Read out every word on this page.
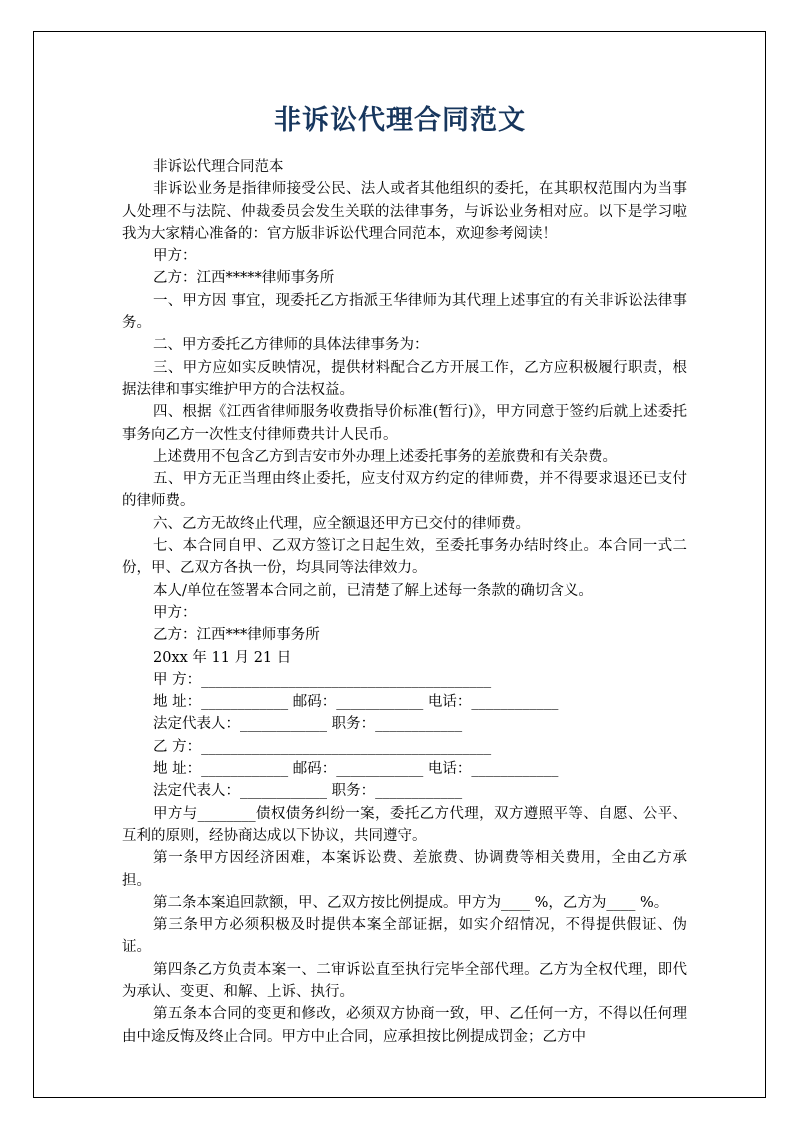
非诉讼代理合同范文

非诉讼代理合同范本

非诉讼业务是指律师接受公民、法人或者其他组织的委托，在其职权范围内为当事人处理不与法院、仲裁委员会发生关联的法律事务，与诉讼业务相对应。以下是学习啦我为大家精心准备的：官方版非诉讼代理合同范本，欢迎参考阅读！

甲方：

乙方：江西*****律师事务所

一、甲方因 事宜，现委托乙方指派王华律师为其代理上述事宜的有关非诉讼法律事务。

二、甲方委托乙方律师的具体法律事务为：

三、甲方应如实反映情况，提供材料配合乙方开展工作，乙方应积极履行职责，根据法律和事实维护甲方的合法权益。

四、根据《江西省律师服务收费指导价标准(暂行)》，甲方同意于签约后就上述委托事务向乙方一次性支付律师费共计人民币。

上述费用不包含乙方到吉安市外办理上述委托事务的差旅费和有关杂费。

五、甲方无正当理由终止委托，应支付双方约定的律师费，并不得要求退还已支付的律师费。

六、乙方无故终止代理，应全额退还甲方已交付的律师费。

七、本合同自甲、乙双方签订之日起生效，至委托事务办结时终止。本合同一式二份，甲、乙双方各执一份，均具同等法律效力。

本人/单位在签署本合同之前，已清楚了解上述每一条款的确切含义。

甲方：

乙方：江西***律师事务所

20xx 年 11 月 21 日

甲 方：________________________________________

地 址：____________ 邮码：____________ 电话：____________

法定代表人：____________ 职务：____________

乙 方：________________________________________

地 址：____________ 邮码：____________ 电话：____________

法定代表人：____________ 职务：____________

甲方与________债权债务纠纷一案，委托乙方代理，双方遵照平等、自愿、公平、互利的原则，经协商达成以下协议，共同遵守。

第一条甲方因经济困难，本案诉讼费、差旅费、协调费等相关费用，全由乙方承担。

第二条本案追回款额，甲、乙双方按比例提成。甲方为____ %，乙方为____ %。

第三条甲方必须积极及时提供本案全部证据，如实介绍情况，不得提供假证、伪证。

第四条乙方负责本案一、二审诉讼直至执行完毕全部代理。乙方为全权代理，即代为承认、变更、和解、上诉、执行。

第五条本合同的变更和修改，必须双方协商一致，甲、乙任何一方，不得以任何理由中途反悔及终止合同。甲方中止合同，应承担按比例提成罚金；乙方中
